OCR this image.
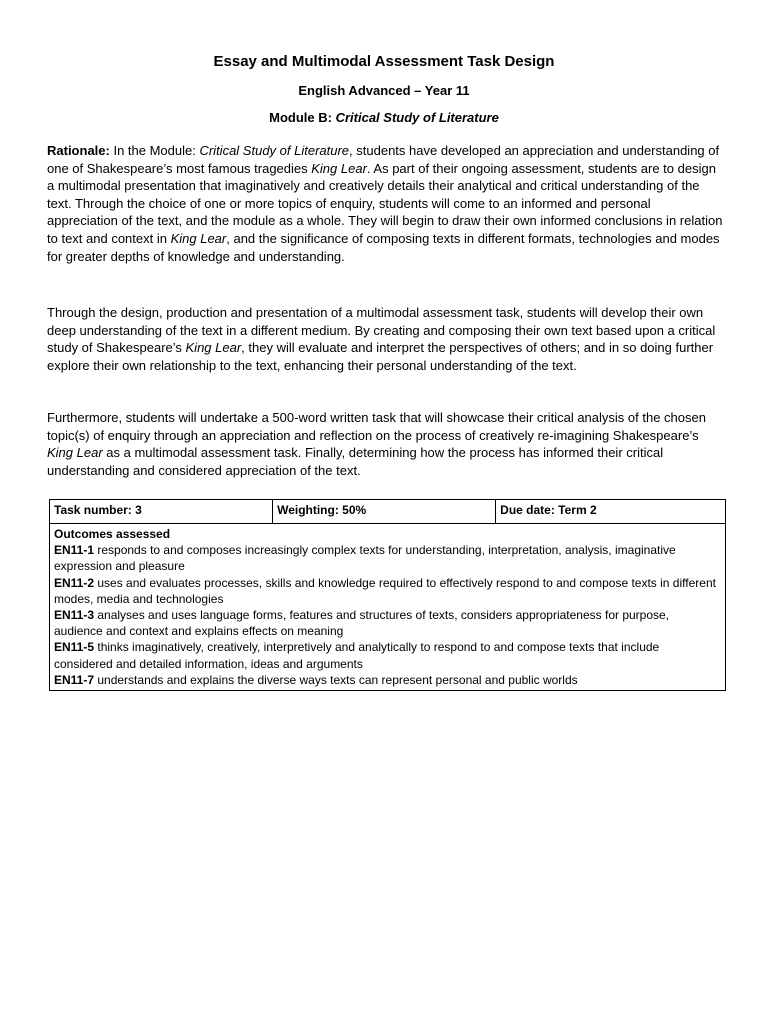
Essay and Multimodal Assessment Task Design
English Advanced – Year 11
Module B: Critical Study of Literature

Rationale: In the Module: Critical Study of Literature, students have developed an appreciation and understanding of one of Shakespeare’s most famous tragedies King Lear. As part of their ongoing assessment, students are to design a multimodal presentation that imaginatively and creatively details their analytical and critical understanding of the text. Through the choice of one or more topics of enquiry, students will come to an informed and personal appreciation of the text, and the module as a whole. They will begin to draw their own informed conclusions in relation to text and context in King Lear, and the significance of composing texts in different formats, technologies and modes for greater depths of knowledge and understanding.

Through the design, production and presentation of a multimodal assessment task, students will develop their own deep understanding of the text in a different medium. By creating and composing their own text based upon a critical study of Shakespeare’s King Lear, they will evaluate and interpret the perspectives of others; and in so doing further explore their own relationship to the text, enhancing their personal understanding of the text.

Furthermore, students will undertake a 500-word written task that will showcase their critical analysis of the chosen topic(s) of enquiry through an appreciation and reflection on the process of creatively re-imagining Shakespeare’s King Lear as a multimodal assessment task. Finally, determining how the process has informed their critical understanding and considered appreciation of the text.

Task number: 3	Weighting: 50%	Due date: Term 2

Outcomes assessed
EN11-1 responds to and composes increasingly complex texts for understanding, interpretation, analysis, imaginative expression and pleasure
EN11-2 uses and evaluates processes, skills and knowledge required to effectively respond to and compose texts in different modes, media and technologies
EN11-3 analyses and uses language forms, features and structures of texts, considers appropriateness for purpose, audience and context and explains effects on meaning
EN11-5 thinks imaginatively, creatively, interpretively and analytically to respond to and compose texts that include considered and detailed information, ideas and arguments
EN11-7 understands and explains the diverse ways texts can represent personal and public worlds
